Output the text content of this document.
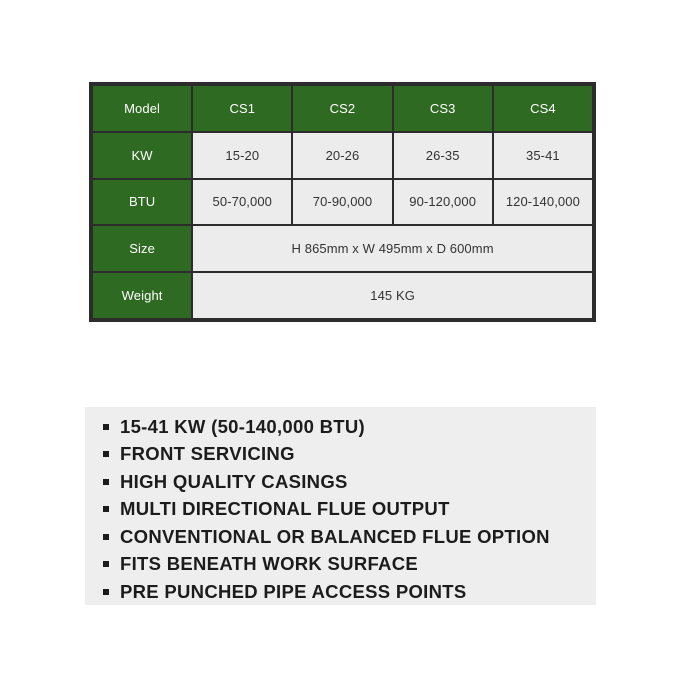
Model	CS1	CS2	CS3	CS4
KW	15-20	20-26	26-35	35-41
BTU	50-70,000	70-90,000	90-120,000	120-140,000
Size	H 865mm x W 495mm x D 600mm			
Weight	145 KG			
15-41 KW (50-140,000 BTU)
FRONT SERVICING
HIGH QUALITY CASINGS
MULTI DIRECTIONAL FLUE OUTPUT
CONVENTIONAL OR BALANCED FLUE OPTION
FITS BENEATH WORK SURFACE
PRE PUNCHED PIPE ACCESS POINTS
